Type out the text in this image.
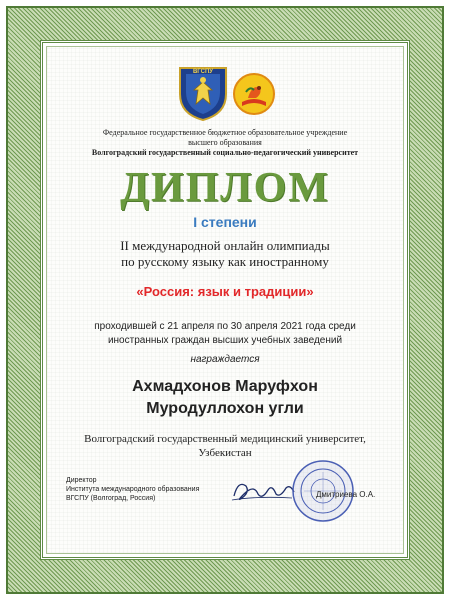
ВГСПУ
Федеральное государственное бюджетное образовательное учреждение
высшего образования
Волгоградский государственный социально-педагогический университет
ДИПЛОМ
I степени
II международной онлайн олимпиады
по русскому языку как иностранному
«Россия: язык и традиции»
проходившей с 21 апреля по 30 апреля 2021 года среди
иностранных граждан высших учебных заведений
награждается
Ахмадхонов Маруфхон
Муродуллохон угли
Волгоградский государственный медицинский университет,
Узбекистан
Директор
Института международного образования
ВГСПУ (Волгоград, Россия)	Дмитриева О.А.
